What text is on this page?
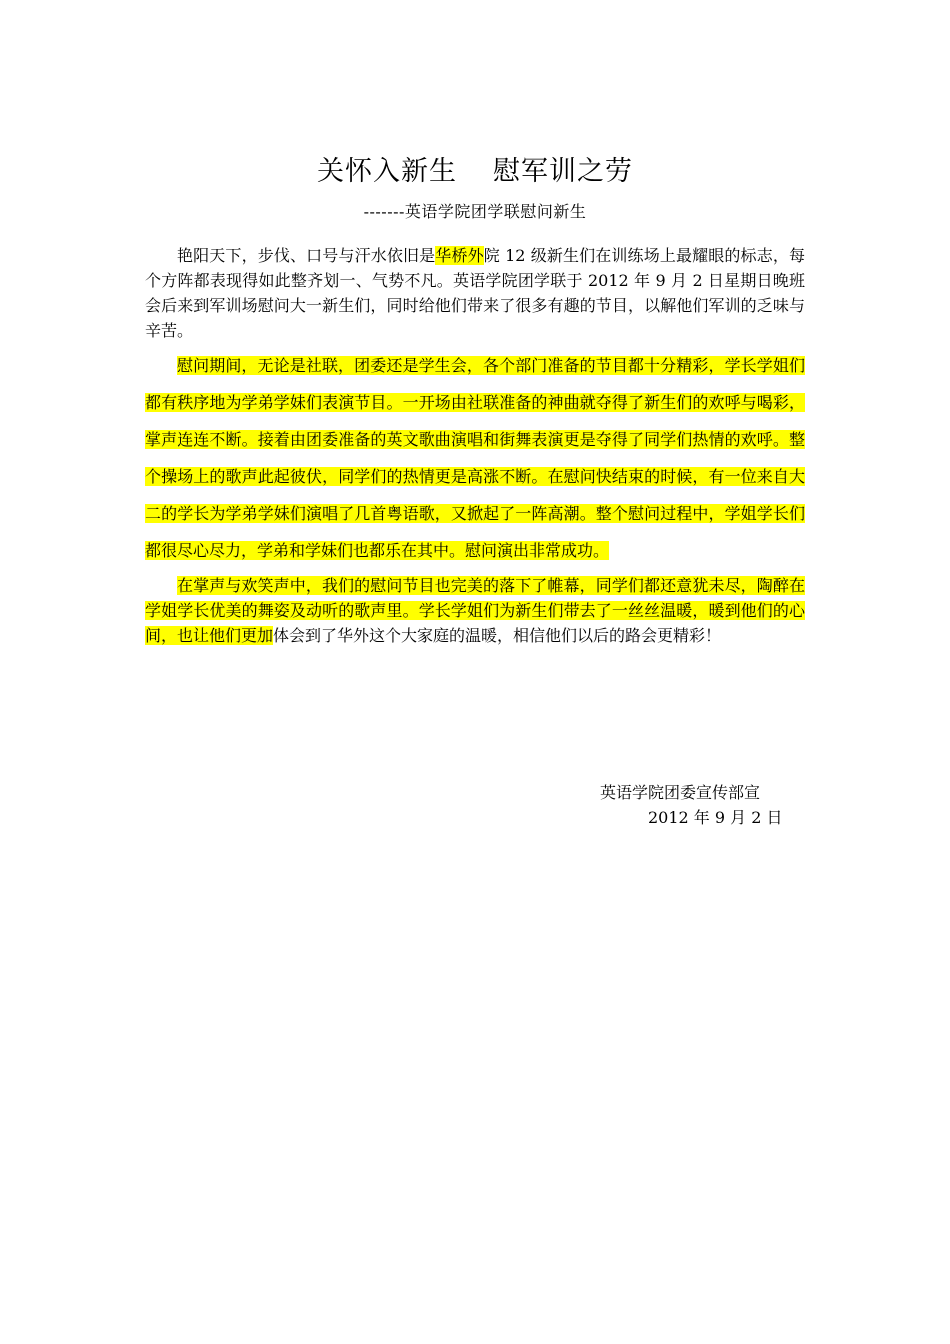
关怀入新生 慰军训之劳
-------英语学院团学联慰问新生

艳阳天下，步伐、口号与汗水依旧是华桥外院 12 级新生们在训练场上最耀眼的标志，每个方阵都表现得如此整齐划一、气势不凡。英语学院团学联于 2012 年 9 月 2 日星期日晚班会后来到军训场慰问大一新生们，同时给他们带来了很多有趣的节目，以解他们军训的乏味与辛苦。

慰问期间，无论是社联，团委还是学生会，各个部门准备的节目都十分精彩，学长学姐们都有秩序地为学弟学妹们表演节目。一开场由社联准备的神曲就夺得了新生们的欢呼与喝彩，掌声连连不断。接着由团委准备的英文歌曲演唱和街舞表演更是夺得了同学们热情的欢呼。整个操场上的歌声此起彼伏，同学们的热情更是高涨不断。在慰问快结束的时候，有一位来自大二的学长为学弟学妹们演唱了几首粤语歌，又掀起了一阵高潮。整个慰问过程中，学姐学长们都很尽心尽力，学弟和学妹们也都乐在其中。慰问演出非常成功。

在掌声与欢笑声中，我们的慰问节目也完美的落下了帷幕，同学们都还意犹未尽，陶醉在学姐学长优美的舞姿及动听的歌声里。学长学姐们为新生们带去了一丝丝温暖，暖到他们的心间，也让他们更加体会到了华外这个大家庭的温暖，相信他们以后的路会更精彩！

英语学院团委宣传部宣
2012 年 9 月 2 日
